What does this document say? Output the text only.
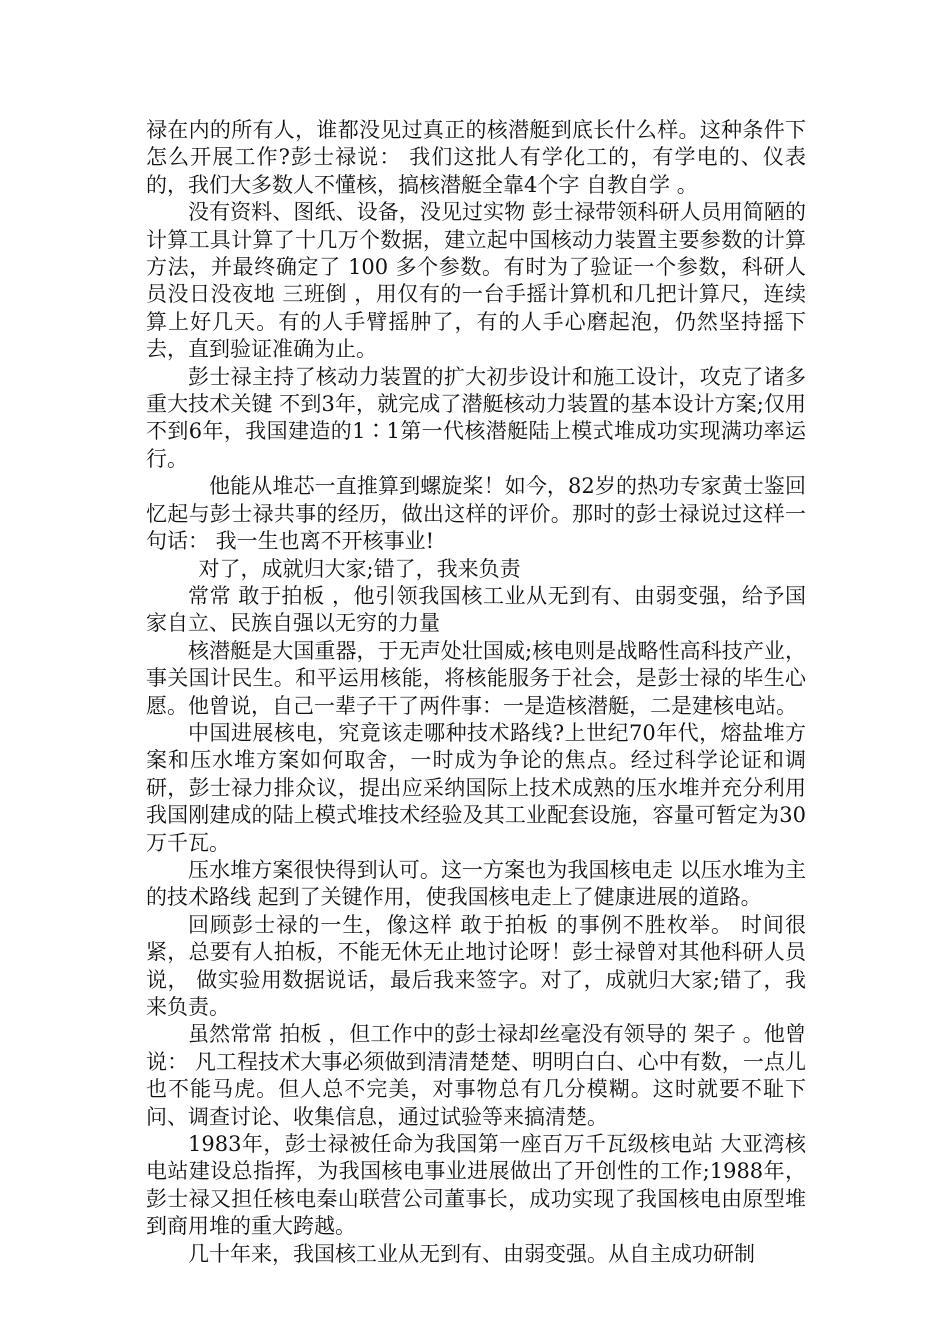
禄在内的所有人，谁都没见过真正的核潜艇到底长什么样。这种条件下怎么开展工作?彭士禄说： 我们这批人有学化工的，有学电的、仪表的，我们大多数人不懂核，搞核潜艇全靠4个字 自教自学 。

没有资料、图纸、设备，没见过实物 彭士禄带领科研人员用简陋的计算工具计算了十几万个数据，建立起中国核动力装置主要参数的计算方法，并最终确定了 100 多个参数。有时为了验证一个参数，科研人员没日没夜地 三班倒 ，用仅有的一台手摇计算机和几把计算尺，连续算上好几天。有的人手臂摇肿了，有的人手心磨起泡，仍然坚持摇下去，直到验证准确为止。

彭士禄主持了核动力装置的扩大初步设计和施工设计，攻克了诸多重大技术关键 不到3年，就完成了潜艇核动力装置的基本设计方案;仅用不到6年，我国建造的1∶1第一代核潜艇陆上模式堆成功实现满功率运行。

他能从堆芯一直推算到螺旋桨！如今，82岁的热功专家黄士鉴回忆起与彭士禄共事的经历，做出这样的评价。那时的彭士禄说过这样一句话： 我一生也离不开核事业!

对了，成就归大家;错了，我来负责

常常 敢于拍板 ，他引领我国核工业从无到有、由弱变强，给予国家自立、民族自强以无穷的力量

核潜艇是大国重器，于无声处壮国威;核电则是战略性高科技产业，事关国计民生。和平运用核能，将核能服务于社会，是彭士禄的毕生心愿。他曾说，自己一辈子干了两件事：一是造核潜艇，二是建核电站。

中国进展核电，究竟该走哪种技术路线?上世纪70年代，熔盐堆方案和压水堆方案如何取舍，一时成为争论的焦点。经过科学论证和调研，彭士禄力排众议，提出应采纳国际上技术成熟的压水堆并充分利用我国刚建成的陆上模式堆技术经验及其工业配套设施，容量可暂定为30万千瓦。

压水堆方案很快得到认可。这一方案也为我国核电走 以压水堆为主的技术路线 起到了关键作用，使我国核电走上了健康进展的道路。

回顾彭士禄的一生，像这样 敢于拍板 的事例不胜枚举。 时间很紧，总要有人拍板，不能无休无止地讨论呀！彭士禄曾对其他科研人员说， 做实验用数据说话，最后我来签字。对了，成就归大家;错了，我来负责。

虽然常常 拍板 ，但工作中的彭士禄却丝毫没有领导的 架子 。他曾说： 凡工程技术大事必须做到清清楚楚、明明白白、心中有数，一点儿也不能马虎。但人总不完美，对事物总有几分模糊。这时就要不耻下问、调查讨论、收集信息，通过试验等来搞清楚。

1983年，彭士禄被任命为我国第一座百万千瓦级核电站 大亚湾核电站建设总指挥，为我国核电事业进展做出了开创性的工作;1988年，彭士禄又担任核电秦山联营公司董事长，成功实现了我国核电由原型堆到商用堆的重大跨越。

几十年来，我国核工业从无到有、由弱变强。从自主成功研制
